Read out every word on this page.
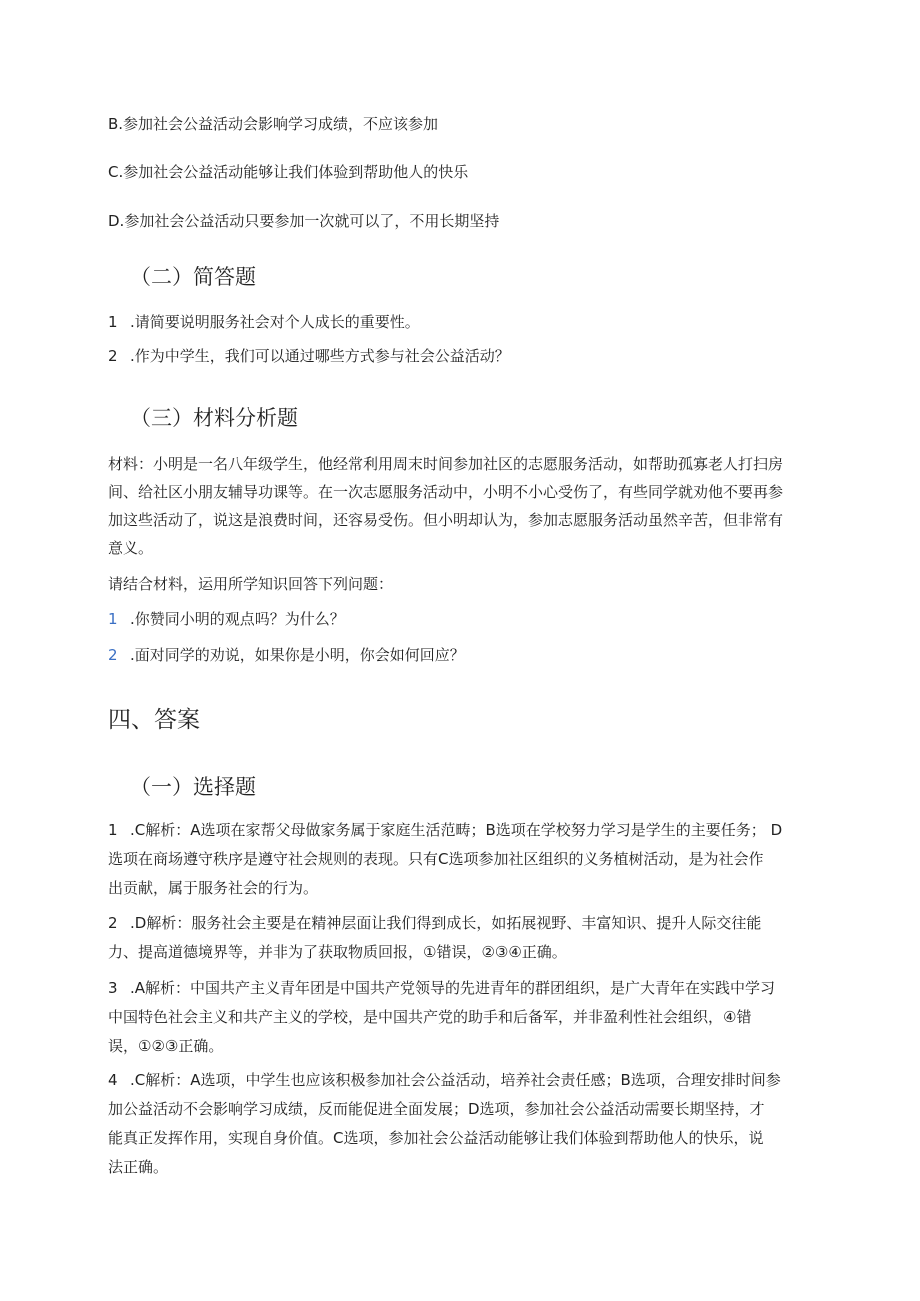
B.参加社会公益活动会影响学习成绩，不应该参加

C.参加社会公益活动能够让我们体验到帮助他人的快乐

D.参加社会公益活动只要参加一次就可以了，不用长期坚持

（二）简答题

1 .请简要说明服务社会对个人成长的重要性。

2 .作为中学生，我们可以通过哪些方式参与社会公益活动？

（三）材料分析题
材料：小明是一名八年级学生，他经常利用周末时间参加社区的志愿服务活动，如帮助孤寡老人打扫房
间、给社区小朋友辅导功课等。在一次志愿服务活动中，小明不小心受伤了，有些同学就劝他不要再参
加这些活动了，说这是浪费时间，还容易受伤。但小明却认为，参加志愿服务活动虽然辛苦，但非常有
意义。

请结合材料，运用所学知识回答下列问题：

1 .你赞同小明的观点吗？为什么？

2 .面对同学的劝说，如果你是小明，你会如何回应？

四、答案
（一）选择题
1 .C解析：A选项在家帮父母做家务属于家庭生活范畴；B选项在学校努力学习是学生的主要任务； D
选项在商场遵守秩序是遵守社会规则的表现。只有C选项参加社区组织的义务植树活动，是为社会作
出贡献，属于服务社会的行为。
2 .D解析：服务社会主要是在精神层面让我们得到成长，如拓展视野、丰富知识、提升人际交往能
力、提高道德境界等，并非为了获取物质回报，①错误，②③④正确。
3 .A解析：中国共产主义青年团是中国共产党领导的先进青年的群团组织，是广大青年在实践中学习
中国特色社会主义和共产主义的学校，是中国共产党的助手和后备军，并非盈利性社会组织，④错
误，①②③正确。
4 .C解析：A选项，中学生也应该积极参加社会公益活动，培养社会责任感；B选项，合理安排时间参
加公益活动不会影响学习成绩，反而能促进全面发展；D选项，参加社会公益活动需要长期坚持，才
能真正发挥作用，实现自身价值。C选项，参加社会公益活动能够让我们体验到帮助他人的快乐，说
法正确。
